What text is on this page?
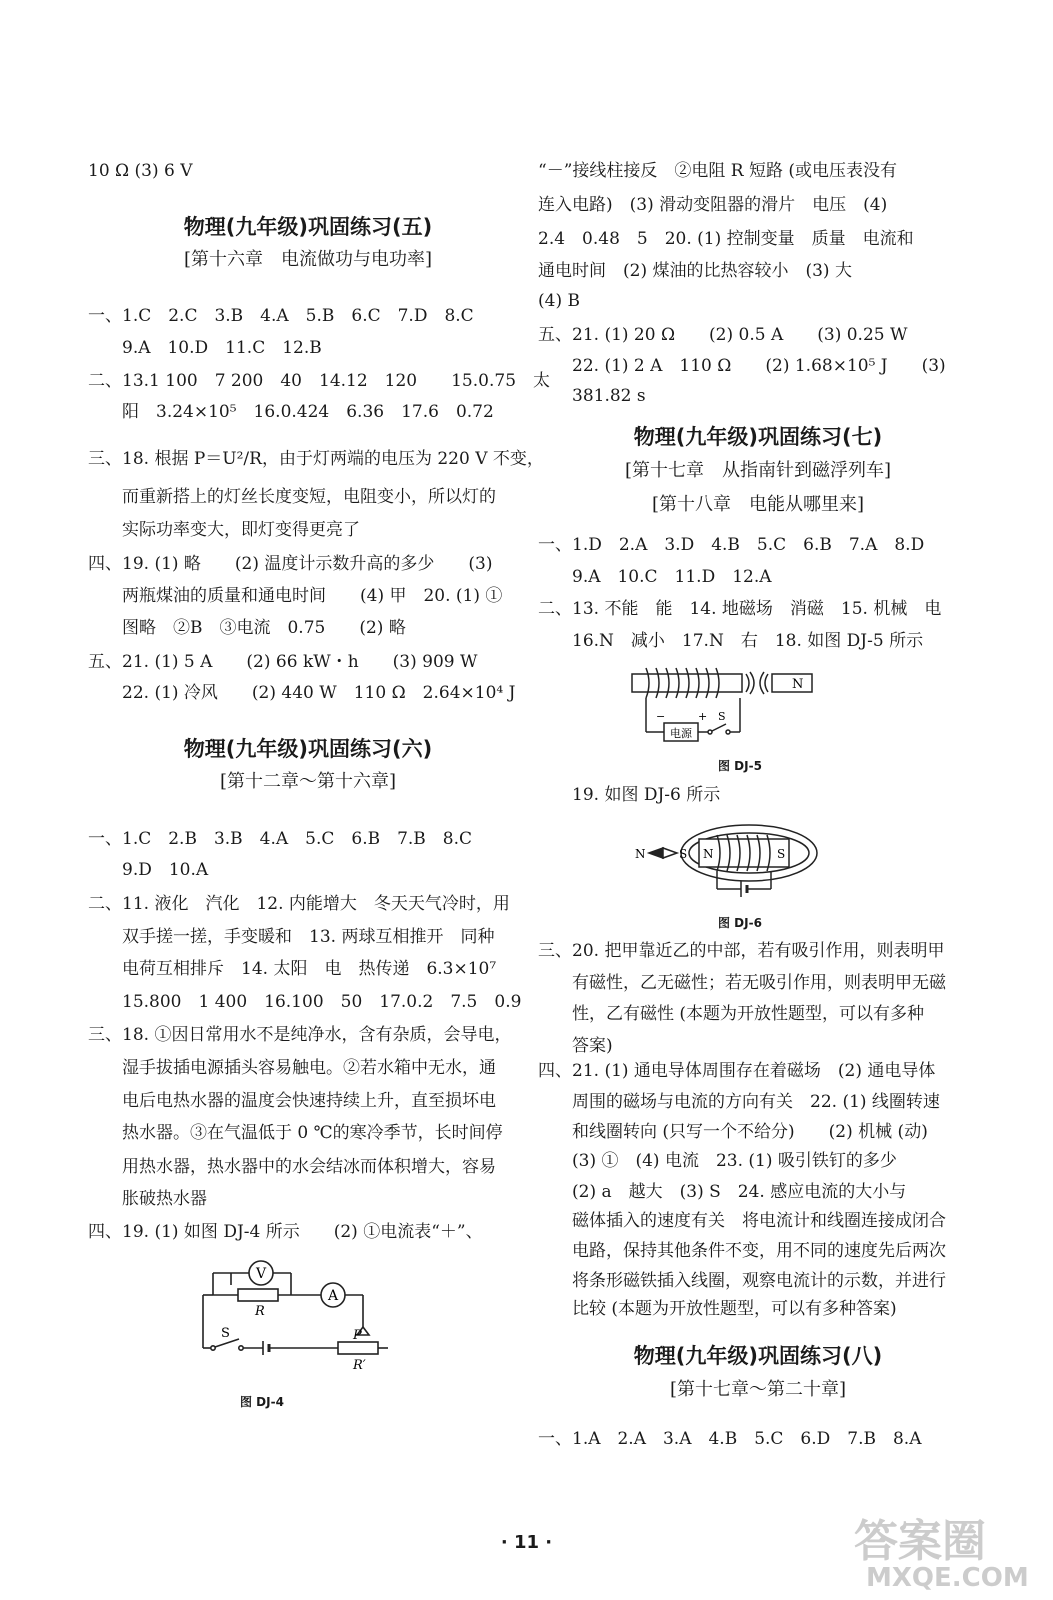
10 Ω (3) 6 V
物理(九年级)巩固练习(五)
[第十六章　电流做功与电功率]
一、1.C　2.C　3.B　4.A　5.B　6.C　7.D　8.C
　　9.A　10.D　11.C　12.B
二、13.1 100　7 200　40　14.12　120　　15.0.75　太
　　阳　3.24×10⁵　16.0.424　6.36　17.6　0.72
三、18. 根据 P＝U²/R，由于灯两端的电压为 220 V 不变，
　　而重新搭上的灯丝长度变短，电阻变小，所以灯的
　　实际功率变大，即灯变得更亮了
四、19. (1) 略　　(2) 温度计示数升高的多少　　(3)
　　两瓶煤油的质量和通电时间　　(4) 甲　20. (1) ①
　　图略　②B　③电流　0.75　　(2) 略
五、21. (1) 5 A　　(2) 66 kW・h　　(3) 909 W
　　22. (1) 冷风　　(2) 440 W　110 Ω　2.64×10⁴ J
物理(九年级)巩固练习(六)
[第十二章～第十六章]
一、1.C　2.B　3.B　4.A　5.C　6.B　7.B　8.C
　　9.D　10.A
二、11. 液化　汽化　12. 内能增大　冬天天气冷时，用
　　双手搓一搓，手变暖和　13. 两球互相推开　同种
　　电荷互相排斥　14. 太阳　电　热传递　6.3×10⁷
　　15.800　1 400　16.100　50　17.0.2　7.5　0.9
三、18. ①因日常用水不是纯净水，含有杂质，会导电，
　　湿手拔插电源插头容易触电。②若水箱中无水，通
　　电后电热水器的温度会快速持续上升，直至损坏电
　　热水器。③在气温低于 0 ℃的寒冷季节，长时间停
　　用热水器，热水器中的水会结冰而体积增大，容易
　　胀破热水器
四、19. (1) 如图 DJ-4 所示　　(2) ①电流表“＋”、
V
A
R
S	P
R′
图 DJ-4
“－”接线柱接反　②电阻 R 短路 (或电压表没有
连入电路)　(3) 滑动变阻器的滑片　电压　(4)
2.4　0.48　5　20. (1) 控制变量　质量　电流和
通电时间　(2) 煤油的比热容较小　(3) 大
(4) B
五、21. (1) 20 Ω　　(2) 0.5 A　　(3) 0.25 W
　　22. (1) 2 A　110 Ω　　(2) 1.68×10⁵ J　　(3)
　　381.82 s
物理(九年级)巩固练习(七)
[第十七章　从指南针到磁浮列车]
[第十八章　电能从哪里来]
一、1.D　2.A　3.D　4.B　5.C　6.B　7.A　8.D
　　9.A　10.C　11.D　12.A
二、13. 不能　能　14. 地磁场　消磁　15. 机械　电
　　16.N　减小　17.N　右　18. 如图 DJ-5 所示
N
电源
+ S
−
图 DJ-5
　　19. 如图 DJ-6 所示
N	S N	S
图 DJ-6
三、20. 把甲靠近乙的中部，若有吸引作用，则表明甲
　　有磁性，乙无磁性；若无吸引作用，则表明甲无磁
　　性，乙有磁性 (本题为开放性题型，可以有多种
　　答案)
四、21. (1) 通电导体周围存在着磁场　(2) 通电导体
　　周围的磁场与电流的方向有关　22. (1) 线圈转速
　　和线圈转向 (只写一个不给分)　　(2) 机械 (动)
　　(3) ①　(4) 电流　23. (1) 吸引铁钉的多少
　　(2) a　越大　(3) S　24. 感应电流的大小与
　　磁体插入的速度有关　将电流计和线圈连接成闭合
　　电路，保持其他条件不变，用不同的速度先后两次
　　将条形磁铁插入线圈，观察电流计的示数，并进行
　　比较 (本题为开放性题型，可以有多种答案)
物理(九年级)巩固练习(八)
[第十七章～第二十章]
一、1.A　2.A　3.A　4.B　5.C　6.D　7.B　8.A
· 11 ·	答案圈
MXQE.COM
